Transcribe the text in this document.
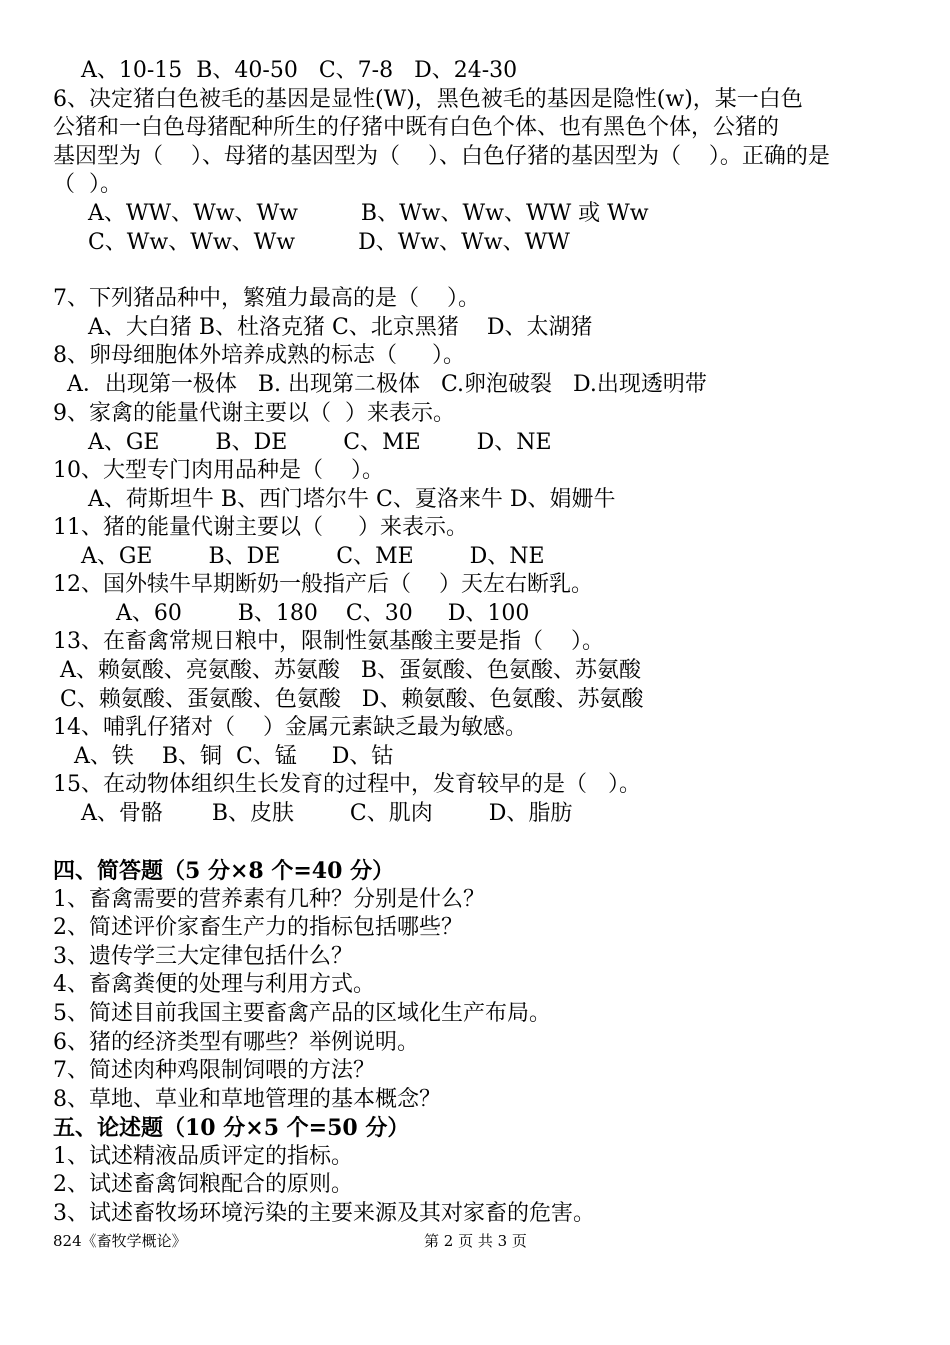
A、10-15  B、40-50   C、7-8   D、24-30
6、决定猪白色被毛的基因是显性(W)，黑色被毛的基因是隐性(w)，某一白色
公猪和一白色母猪配种所生的仔猪中既有白色个体、也有黑色个体，公猪的
基因型为（    ）、母猪的基因型为（    ）、白色仔猪的基因型为（    ）。正确的是
（  ）。
A、WW、Ww、Ww         B、Ww、Ww、WW 或 Ww
C、Ww、Ww、Ww         D、Ww、Ww、WW
7、下列猪品种中，繁殖力最高的是（    ）。
A、大白猪 B、杜洛克猪 C、北京黑猪    D、太湖猪
8、卵母细胞体外培养成熟的标志（     ）。
A．出现第一极体   B. 出现第二极体   C.卵泡破裂   D.出现透明带
9、家禽的能量代谢主要以（  ）来表示。
A、GE        B、DE        C、ME        D、NE
10、大型专门肉用品种是（    ）。
A、荷斯坦牛 B、西门塔尔牛 C、夏洛来牛 D、娟姗牛
11、猪的能量代谢主要以（     ）来表示。
A、GE        B、DE        C、ME        D、NE
12、国外犊牛早期断奶一般指产后（    ）天左右断乳。
A、60        B、180    C、30     D、100
13、在畜禽常规日粮中，限制性氨基酸主要是指（    ）。
A、赖氨酸、亮氨酸、苏氨酸   B、蛋氨酸、色氨酸、苏氨酸
C、赖氨酸、蛋氨酸、色氨酸   D、赖氨酸、色氨酸、苏氨酸
14、哺乳仔猪对（    ）金属元素缺乏最为敏感。
A、铁    B、铜  C、锰     D、钴
15、在动物体组织生长发育的过程中，发育较早的是（   ）。
A、骨骼       B、皮肤        C、肌肉        D、脂肪
四、简答题（5 分×8 个=40 分）
1、畜禽需要的营养素有几种？分别是什么？
2、简述评价家畜生产力的指标包括哪些？
3、遗传学三大定律包括什么？
4、畜禽粪便的处理与利用方式。
5、简述目前我国主要畜禽产品的区域化生产布局。
6、猪的经济类型有哪些？举例说明。
7、简述肉种鸡限制饲喂的方法？
8、草地、草业和草地管理的基本概念？
五、论述题（10 分×5 个=50 分）
1、试述精液品质评定的指标。
2、试述畜禽饲粮配合的原则。
3、试述畜牧场环境污染的主要来源及其对家畜的危害。
824《畜牧学概论》	第 2 页 共 3 页
